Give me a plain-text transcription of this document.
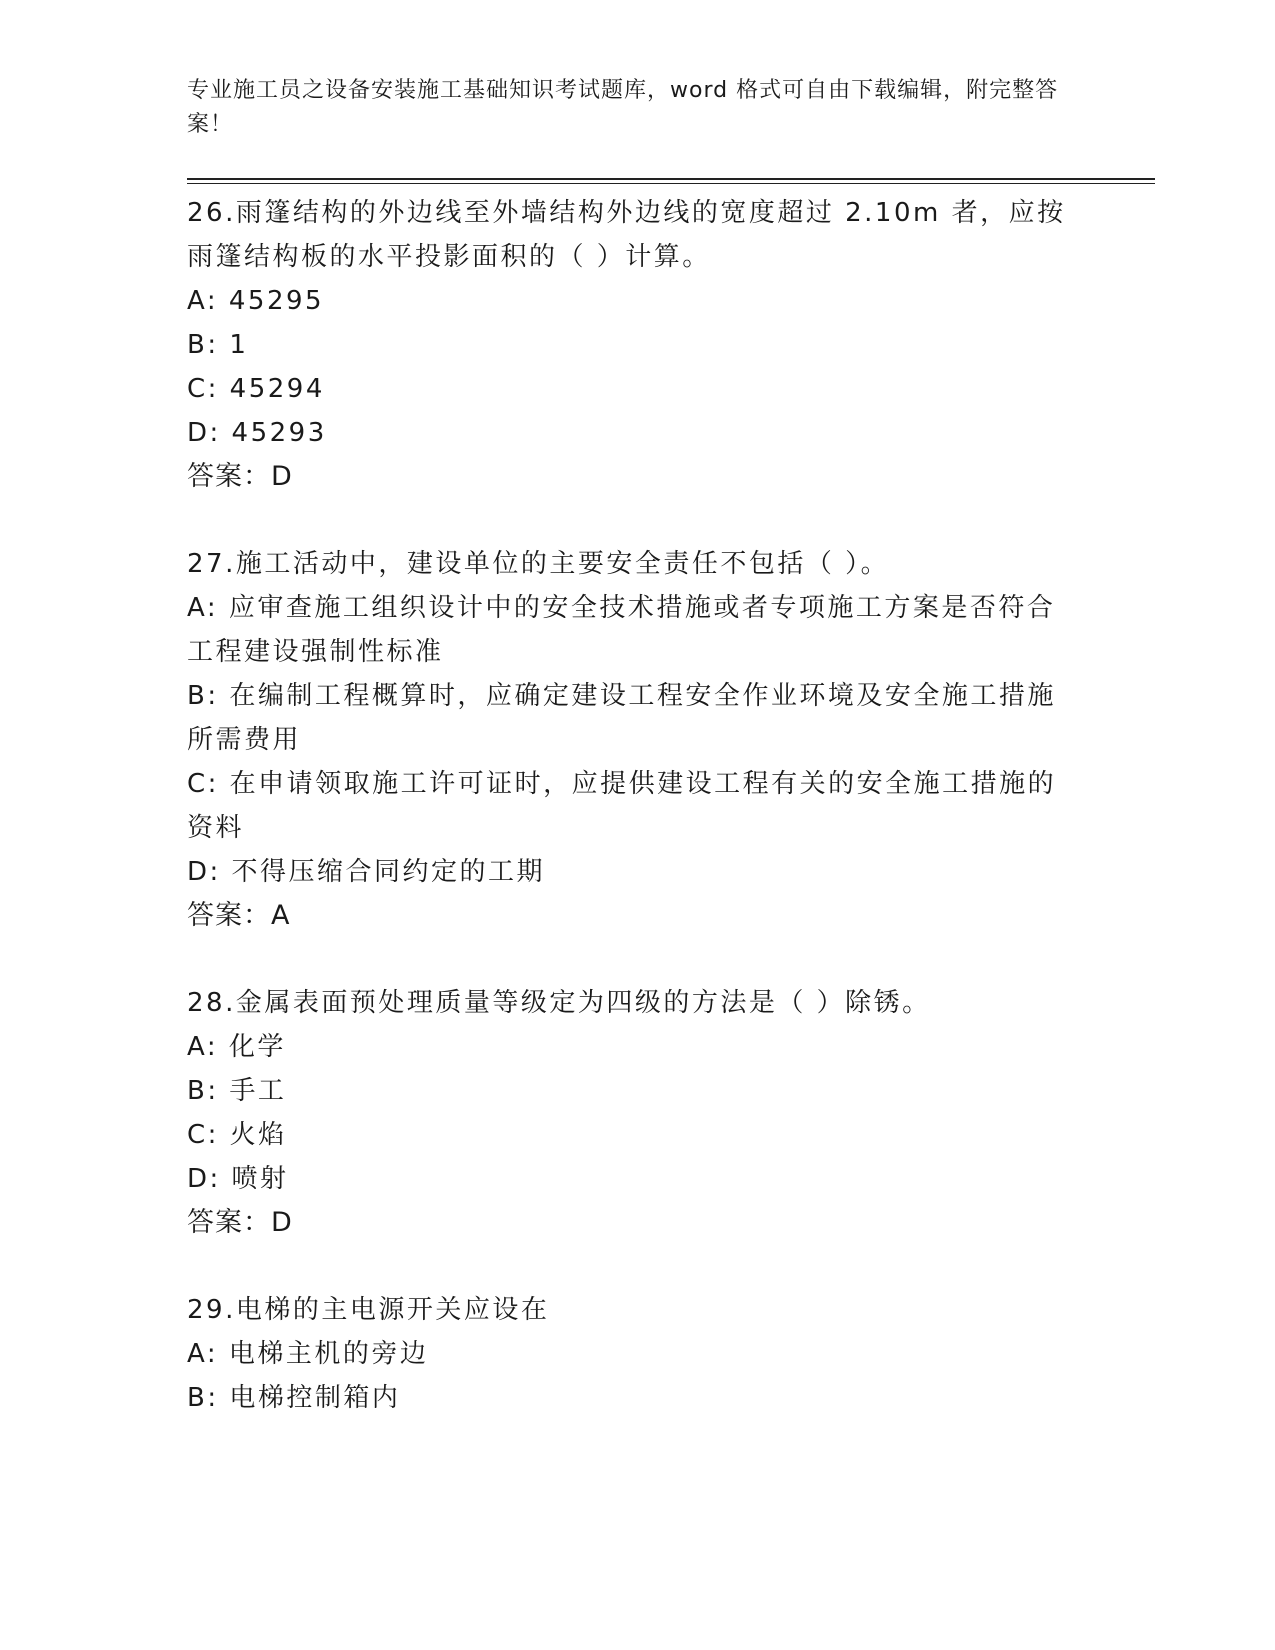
专业施工员之设备安装施工基础知识考试题库，word 格式可自由下载编辑，附完整答案！
26.雨篷结构的外边线至外墙结构外边线的宽度超过 2.10m 者，应按雨篷结构板的水平投影面积的（ ）计算。
A: 45295
B: 1
C: 45294
D: 45293
答案：D
27.施工活动中，建设单位的主要安全责任不包括（ ）。
A: 应审查施工组织设计中的安全技术措施或者专项施工方案是否符合工程建设强制性标准
B: 在编制工程概算时，应确定建设工程安全作业环境及安全施工措施所需费用
C: 在申请领取施工许可证时，应提供建设工程有关的安全施工措施的资料
D: 不得压缩合同约定的工期
答案：A
28.金属表面预处理质量等级定为四级的方法是（ ）除锈。
A: 化学
B: 手工
C: 火焰
D: 喷射
答案：D
29.电梯的主电源开关应设在
A: 电梯主机的旁边
B: 电梯控制箱内
